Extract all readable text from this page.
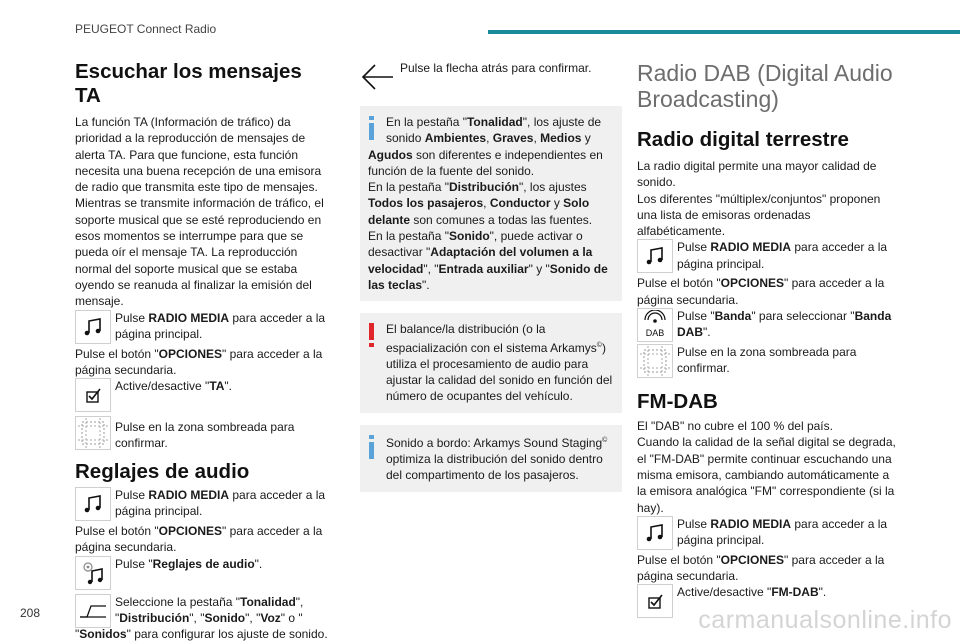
PEUGEOT Connect Radio
Escuchar los mensajes TA

La función TA (Información de tráfico) da prioridad a la reproducción de mensajes de alerta TA. Para que funcione, esta función necesita una buena recepción de una emisora de radio que transmita este tipo de mensajes. Mientras se transmite información de tráfico, el soporte musical que se esté reproduciendo en esos momentos se interrumpe para que se pueda oír el mensaje TA. La reproducción normal del soporte musical que se estaba oyendo se reanuda al finalizar la emisión del mensaje.

Pulse RADIO MEDIA para acceder a la página principal.

Pulse el botón "OPCIONES" para acceder a la página secundaria.

Active/desactive "TA".

Pulse en la zona sombreada para confirmar.

Reglajes de audio

Pulse RADIO MEDIA para acceder a la página principal.

Pulse el botón "OPCIONES" para acceder a la página secundaria.

Pulse "Reglajes de audio".

Seleccione la pestaña "Tonalidad", "Distribución", "Sonido", "Voz" o "

"Sonidos" para configurar los ajuste de sonido.

Pulse la flecha atrás para confirmar.

En la pestaña "Tonalidad", los ajuste de sonido Ambientes, Graves, Medios y

Agudos son diferentes e independientes en función de la fuente del sonido.

En la pestaña "Distribución", los ajustes Todos los pasajeros, Conductor y Solo delante son comunes a todas las fuentes.

En la pestaña "Sonido", puede activar o desactivar "Adaptación del volumen a la velocidad", "Entrada auxiliar" y "Sonido de las teclas".

El balance/la distribución (o la espacialización con el sistema Arkamys©) utiliza el procesamiento de audio para ajustar la calidad del sonido en función del número de ocupantes del vehículo.

Sonido a bordo: Arkamys Sound Staging© optimiza la distribución del sonido dentro del compartimento de los pasajeros.

Radio DAB (Digital Audio Broadcasting)
Radio digital terrestre

La radio digital permite una mayor calidad de sonido.
Los diferentes "múltiplex/conjuntos" proponen una lista de emisoras ordenadas alfabéticamente.

Pulse RADIO MEDIA para acceder a la página principal.

Pulse el botón "OPCIONES" para acceder a la página secundaria.

DAB

Pulse "Banda" para seleccionar "Banda DAB".

Pulse en la zona sombreada para confirmar.

FM-DAB

El "DAB" no cubre el 100 % del país.
Cuando la calidad de la señal digital se degrada, el "FM-DAB" permite continuar escuchando una misma emisora, cambiando automáticamente a la emisora analógica "FM" correspondiente (si la hay).

Pulse RADIO MEDIA para acceder a la página principal.

Pulse el botón "OPCIONES" para acceder a la página secundaria.

Active/desactive "FM-DAB".

208	carmanualsonline.info
